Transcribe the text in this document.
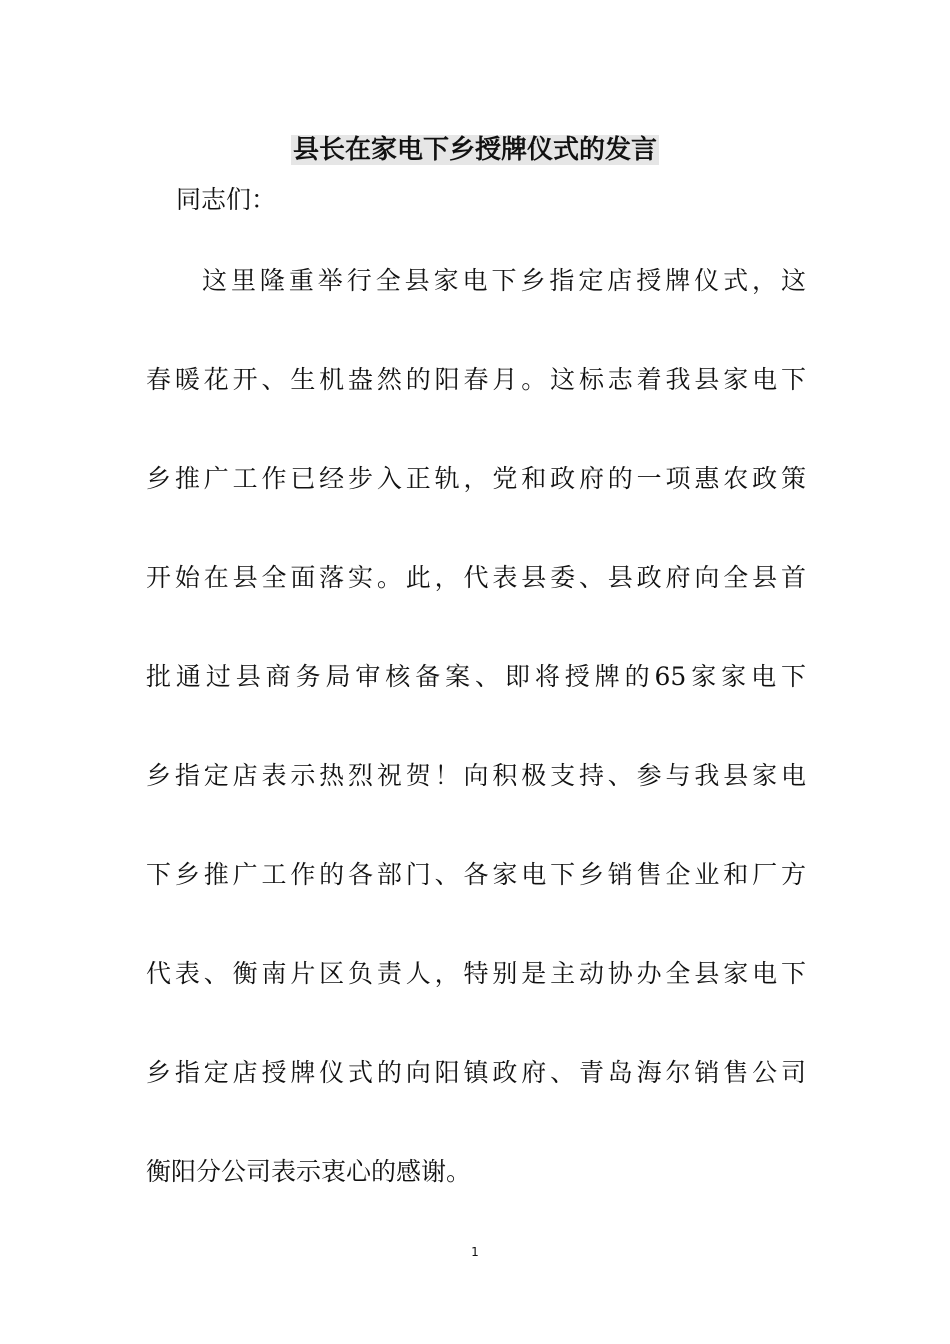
县长在家电下乡授牌仪式的发言
同志们：
这里隆重举行全县家电下乡指定店授牌仪式，这
春暖花开、生机盎然的阳春月。这标志着我县家电下
乡推广工作已经步入正轨，党和政府的一项惠农政策
开始在县全面落实。此，代表县委、县政府向全县首
批通过县商务局审核备案、即将授牌的65家家电下
乡指定店表示热烈祝贺！向积极支持、参与我县家电
下乡推广工作的各部门、各家电下乡销售企业和厂方
代表、衡南片区负责人，特别是主动协办全县家电下
乡指定店授牌仪式的向阳镇政府、青岛海尔销售公司
衡阳分公司表示衷心的感谢。
1
